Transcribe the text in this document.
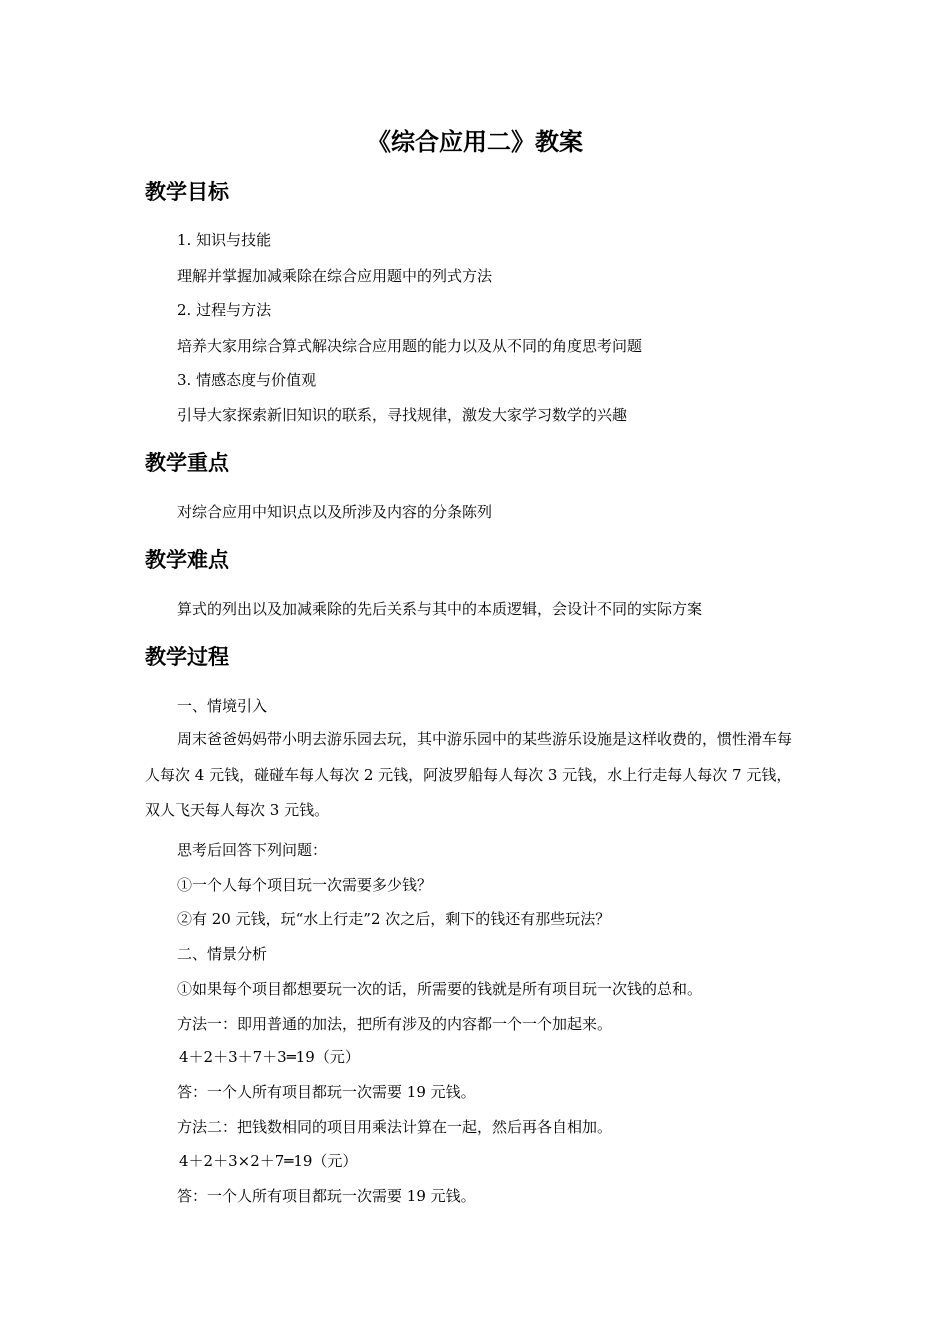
《综合应用二》教案
教学目标
1. 知识与技能
理解并掌握加减乘除在综合应用题中的列式方法
2. 过程与方法
培养大家用综合算式解决综合应用题的能力以及从不同的角度思考问题
3. 情感态度与价值观
引导大家探索新旧知识的联系，寻找规律，激发大家学习数学的兴趣
教学重点
对综合应用中知识点以及所涉及内容的分条陈列
教学难点
算式的列出以及加减乘除的先后关系与其中的本质逻辑，会设计不同的实际方案
教学过程
一、情境引入
周末爸爸妈妈带小明去游乐园去玩，其中游乐园中的某些游乐设施是这样收费的，惯性滑车每人每次 4 元钱，碰碰车每人每次 2 元钱，阿波罗船每人每次 3 元钱，水上行走每人每次 7 元钱，双人飞天每人每次 3 元钱。
思考后回答下列问题：
①一个人每个项目玩一次需要多少钱？
②有 20 元钱，玩“水上行走”2 次之后，剩下的钱还有那些玩法？
二、情景分析
①如果每个项目都想要玩一次的话，所需要的钱就是所有项目玩一次钱的总和。
方法一：即用普通的加法，把所有涉及的内容都一个一个加起来。
4＋2＋3＋7＋3═19（元）
答：一个人所有项目都玩一次需要 19 元钱。
方法二：把钱数相同的项目用乘法计算在一起，然后再各自相加。
4＋2＋3×2＋7═19（元）
答：一个人所有项目都玩一次需要 19 元钱。
